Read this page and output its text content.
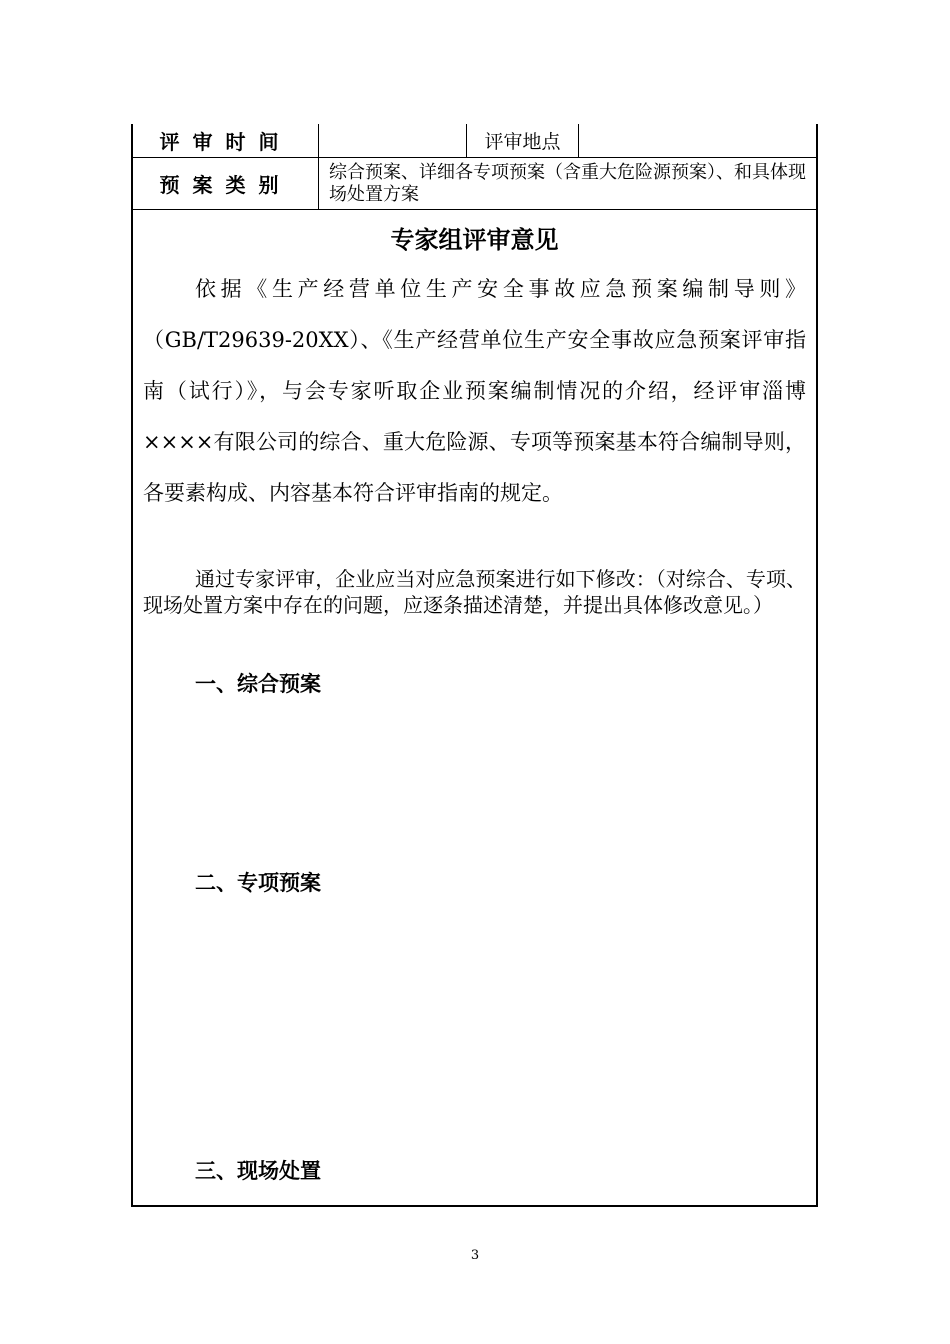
评审时间	评审地点
预案类别
综合预案、详细各专项预案（含重大危险源预案）、和具体现场处置方案
专家组评审意见
依据《生产经营单位生产安全事故应急预案编制导则》（GB/T29639-20XX）、《生产经营单位生产安全事故应急预案评审指南（试行）》，与会专家听取企业预案编制情况的介绍，经评审淄博××××有限公司的综合、重大危险源、专项等预案基本符合编制导则，各要素构成、内容基本符合评审指南的规定。
通过专家评审，企业应当对应急预案进行如下修改：（对综合、专项、现场处置方案中存在的问题，应逐条描述清楚，并提出具体修改意见。）
一、综合预案
二、专项预案
三、现场处置
3
